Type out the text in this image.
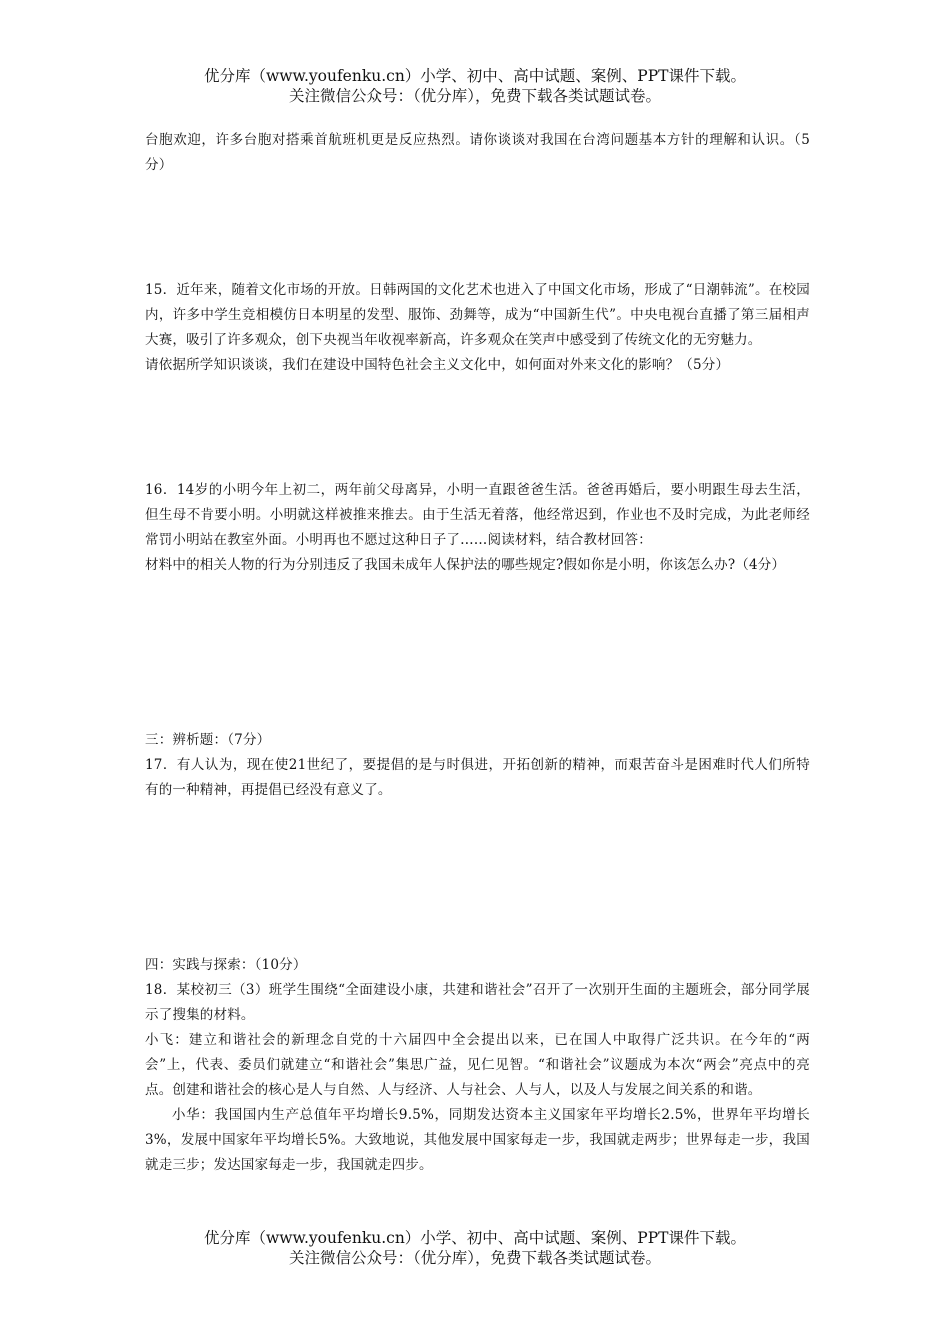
优分库（www.youfenku.cn）小学、初中、高中试题、案例、PPT课件下载。
关注微信公众号：（优分库），免费下载各类试题试卷。

台胞欢迎，许多台胞对搭乘首航班机更是反应热烈。请你谈谈对我国在台湾问题基本方针的理解和认识。（5分）

15．近年来，随着文化市场的开放。日韩两国的文化艺术也进入了中国文化市场，形成了“日潮韩流”。在校园内，许多中学生竞相模仿日本明星的发型、服饰、劲舞等，成为“中国新生代”。中央电视台直播了第三届相声大赛，吸引了许多观众，创下央视当年收视率新高，许多观众在笑声中感受到了传统文化的无穷魅力。

请依据所学知识谈谈，我们在建设中国特色社会主义文化中，如何面对外来文化的影响？（5分）

16．14岁的小明今年上初二，两年前父母离异，小明一直跟爸爸生活。爸爸再婚后，要小明跟生母去生活，但生母不肯要小明。小明就这样被推来推去。由于生活无着落，他经常迟到，作业也不及时完成，为此老师经常罚小明站在教室外面。小明再也不愿过这种日子了……阅读材料，结合教材回答：

材料中的相关人物的行为分别违反了我国未成年人保护法的哪些规定?假如你是小明，你该怎么办?（4分）

三：辨析题：（7分）

17．有人认为，现在使21世纪了，要提倡的是与时俱进，开拓创新的精神，而艰苦奋斗是困难时代人们所特有的一种精神，再提倡已经没有意义了。

四：实践与探索：（10分）

18．某校初三（3）班学生围绕“全面建设小康，共建和谐社会”召开了一次别开生面的主题班会，部分同学展示了搜集的材料。

小飞：建立和谐社会的新理念自党的十六届四中全会提出以来，已在国人中取得广泛共识。在今年的“两会”上，代表、委员们就建立“和谐社会”集思广益，见仁见智。“和谐社会”议题成为本次“两会”亮点中的亮点。创建和谐社会的核心是人与自然、人与经济、人与社会、人与人，以及人与发展之间关系的和谐。

小华：我国国内生产总值年平均增长9.5%，同期发达资本主义国家年平均增长2.5%，世界年平均增长3%，发展中国家年平均增长5%。大致地说，其他发展中国家每走一步，我国就走两步；世界每走一步，我国就走三步；发达国家每走一步，我国就走四步。

优分库（www.youfenku.cn）小学、初中、高中试题、案例、PPT课件下载。
关注微信公众号：（优分库），免费下载各类试题试卷。
